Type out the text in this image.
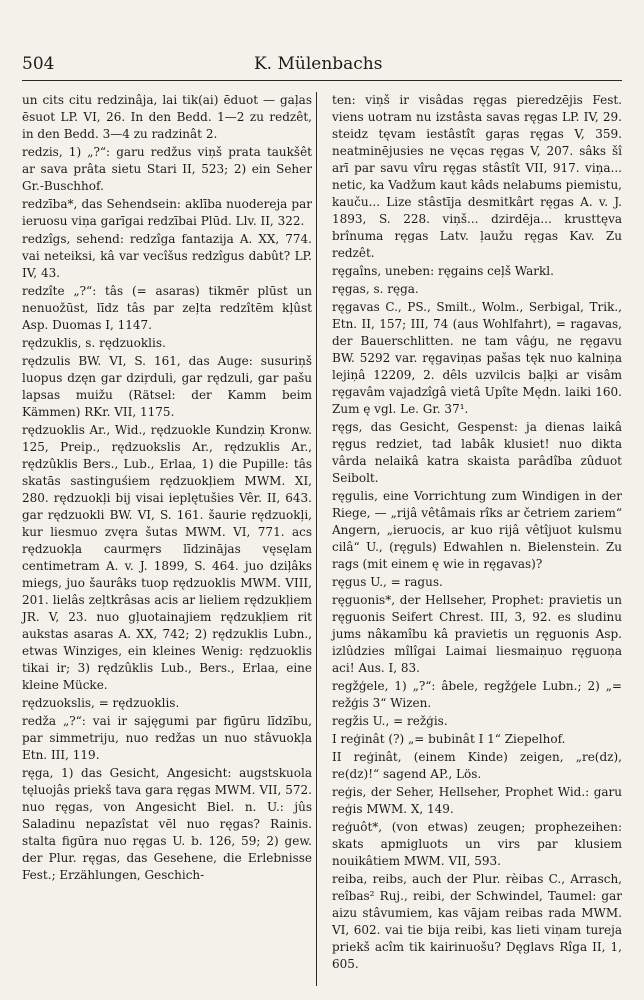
504	K. Mülenbachs

un cits citu redzinâja, lai tik(ai) ēduot — gaļas ēsuot LP. VI, 26. In den Bedd. 1—2 zu redzêt, in den Bedd. 3—4 zu radzinât 2.

redzis, 1) „?“: garu redžus viņš prata taukšêt ar sava prâta sietu Stari II, 523; 2) ein Seher Gr.-Buschhof.

redzība*, das Sehendsein: aklība nuodereja par ieruosu viņa garīgai redzībai Plūd. Llv. II, 322.

redzîgs, sehend: redzîga fantazija A. XX, 774. vai neteiksi, kâ var vecîšus redzîgus dabût? LP. IV, 43.

redzîte „?“: tâs (= asaras) tikmēr plūst un nenuožūst, līdz tâs par zeļta redzîtēm kļûst Asp. Duomas I, 1147.

rędzuklis, s. rędzuoklis.

rędzulis BW. VI, S. 161, das Auge: susuriņš luopus dzęn gar dziŗduli, gar rędzuli, gar pašu lapsas muižu (Rätsel: der Kamm beim Kämmen) RKr. VII, 1175.

rędzuoklis Ar., Wid., rędzuokle Kundziņ Kronw. 125, Preip., rędzuokslis Ar., rędzuklis Ar., rędzûklis Bers., Lub., Erlaa, 1) die Pupille: tâs skatās sastinguśiem rędzuokļiem MWM. XI, 280. rędzuokļi bij visai ieplętušies Vêr. II, 643. gar rędzuokli BW. VI, S. 161. šaurie rędzuokļi, kur liesmuo zvęra šutas MWM. VI, 771. acs rędzuokļa caurmęrs līdzinājas vęsęlam centimetram A. v. J. 1899, S. 464. juo dziļâks miegs, juo šaurâks tuop rędzuoklis MWM. VIII, 201. lielâs zeļtkrâsas acis ar lieliem rędzukļiem JR. V, 23. nuo gļuotainajiem rędzukļiem rit aukstas asaras A. XX, 742; 2) rędzuklis Lubn., etwas Winziges, ein kleines Wenig: rędzuoklis tikai ir; 3) rędzûklis Lub., Bers., Erlaa, eine kleine Mücke.

rędzuokslis, = rędzuoklis.

redža „?“: vai ir sajęgumi par figūru līdzību, par simmetriju, nuo redžas un nuo stâvuokļa Etn. III, 119.

ręga, 1) das Gesicht, Angesicht: augstskuola tęluojâs priekš tava gara ręgas MWM. VII, 572. nuo ręgas, von Angesicht Biel. n. U.: jûs Saladinu nepazîstat vēl nuo ręgas? Rainis. stalta figūra nuo ręgas U. b. 126, 59; 2) gew. der Plur. ręgas, das Gesehene, die Erlebnisse Fest.; Erzählungen, Geschich-

ten: viņš ir visâdas ręgas pieredzējis Fest. viens uotram nu izstâsta savas ręgas LP. IV, 29. steidz tęvam iestâstît gaŗas ręgas V, 359. neatminējusies ne vęcas ręgas V, 207. sâks šî arī par savu vîru ręgas stâstît VII, 917. viņa... netic, ka Vadžum kaut kâds nelabums piemistu, kauču... Lize stâstīja desmitkârt ręgas A. v. J. 1893, S. 228. viņš... dzirdēja... krusttęva brînuma ręgas Latv. ļaužu ręgas Kav. Zu redzêt.

ręgaîns, uneben: ręgains ceļš Warkl.

ręgas, s. ręga.

ręgavas C., PS., Smilt., Wolm., Serbigal, Trik., Etn. II, 157; III, 74 (aus Wohlfahrt), = ragavas, der Bauerschlitten. ne tam vâģu, ne ręgavu BW. 5292 var. ręgaviņas pašas tęk nuo kalniņa lejiņâ 12209, 2. dêls uzvilcis baļķi ar visâm ręgavâm vajadzîgâ vietâ Upîte Mędn. laiki 160. Zum ę vgl. Le. Gr. 37¹.

ręgs, das Gesicht, Gespenst: ja dienas laikâ ręgus redziet, tad labâk klusiet! nuo dikta vârda nelaikâ katra skaista parâdîba zûduot Seibolt.

ręgulis, eine Vorrichtung zum Windigen in der Riege, — „rijâ vêtâmais rîks ar četriem zariem“ Angern, „ieruocis, ar kuo rijâ vêtîjuot kulsmu cilâ“ U., (ręguls) Edwahlen n. Bielenstein. Zu rags (mit einem ę wie in ręgavas)?

ręgus U., = ragus.

ręguonis*, der Hellseher, Prophet: pravietis un ręguonis Seifert Chrest. III, 3, 92. es sludinu jums nâkamîbu kâ pravietis un ręguonis Asp. izlûdzies mîlîgai Laimai liesmaiņuo ręguoņa aci! Aus. I, 83.

regžģele, 1) „?“: âbele, regžģele Lubn.; 2) „= režģis 3“ Wizen.

regžis U., = režģis.

I reģinât (?) „= bubinât I 1“ Ziepelhof.

II reģinât, (einem Kinde) zeigen, „re(dz), re(dz)!“ sagend AP., Lös.

reģis, der Seher, Hellseher, Prophet Wid.: garu reģis MWM. X, 149.

reģuôt*, (von etwas) zeugen; prophezeihen: skats apmigluots un virs par klusiem nouikâtiem MWM. VII, 593.

reiba, reibs, auch der Plur. rèibas C., Arrasch, reîbas² Ruj., reibi, der Schwindel, Taumel: gar aizu stâvumiem, kas vājam reibas rada MWM. VI, 602. vai tie bija reibi, kas lieti viņam tureja priekš acîm tik kairinuošu? Dęglavs Rîga II, 1, 605.
